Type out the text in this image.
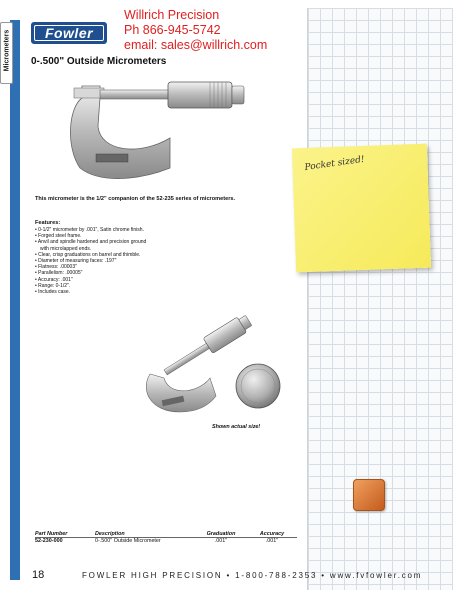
Micrometers Fowler
Willrich Precision
Ph 866-945-5742
email: sales@willrich.com
0-.500" Outside Micrometers
Pocket sized!
This micrometer is the 1/2" companion of the 52-235 series of micrometers.
Features:
• 0-1/2" micrometer by .001", Satin chrome finish.
• Forged steel frame.
• Anvil and spindle hardened and precision ground with microlapped ends.
• Clear, crisp graduations on barrel and thimble.
• Diameter of measuring faces: .197"
• Flatness: .00003"
• Parallelism: .00005"
• Accuracy: .001"
• Range: 0-1/2".
• Includes case.
Shown actual size!
Part Number	Description	Graduation	Accuracy
52-230-000	0-.500" Outside Micrometer	.001"	.001"
18	FOWLER HIGH PRECISION • 1-800-788-2353 • www.fvfowler.com
